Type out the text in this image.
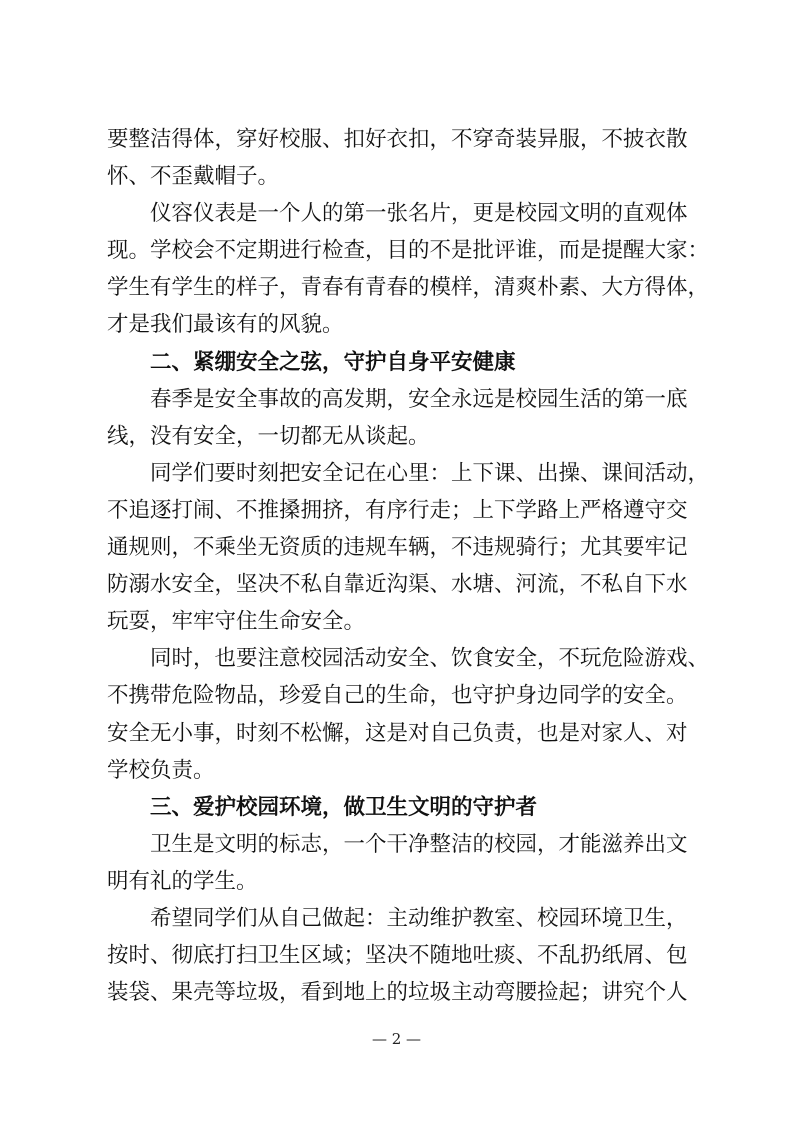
要整洁得体，穿好校服、扣好衣扣，不穿奇装异服，不披衣散
怀、不歪戴帽子。
仪容仪表是一个人的第一张名片，更是校园文明的直观体
现。学校会不定期进行检查，目的不是批评谁，而是提醒大家：
学生有学生的样子，青春有青春的模样，清爽朴素、大方得体，
才是我们最该有的风貌。
二、紧绷安全之弦，守护自身平安健康
春季是安全事故的高发期，安全永远是校园生活的第一底
线，没有安全，一切都无从谈起。
同学们要时刻把安全记在心里：上下课、出操、课间活动，
不追逐打闹、不推搡拥挤，有序行走；上下学路上严格遵守交
通规则，不乘坐无资质的违规车辆，不违规骑行；尤其要牢记
防溺水安全，坚决不私自靠近沟渠、水塘、河流，不私自下水
玩耍，牢牢守住生命安全。
同时，也要注意校园活动安全、饮食安全，不玩危险游戏、
不携带危险物品，珍爱自己的生命，也守护身边同学的安全。
安全无小事，时刻不松懈，这是对自己负责，也是对家人、对
学校负责。
三、爱护校园环境，做卫生文明的守护者
卫生是文明的标志，一个干净整洁的校园，才能滋养出文
明有礼的学生。
希望同学们从自己做起：主动维护教室、校园环境卫生，
按时、彻底打扫卫生区域；坚决不随地吐痰、不乱扔纸屑、包
装袋、果壳等垃圾，看到地上的垃圾主动弯腰捡起；讲究个人
— 2 —
